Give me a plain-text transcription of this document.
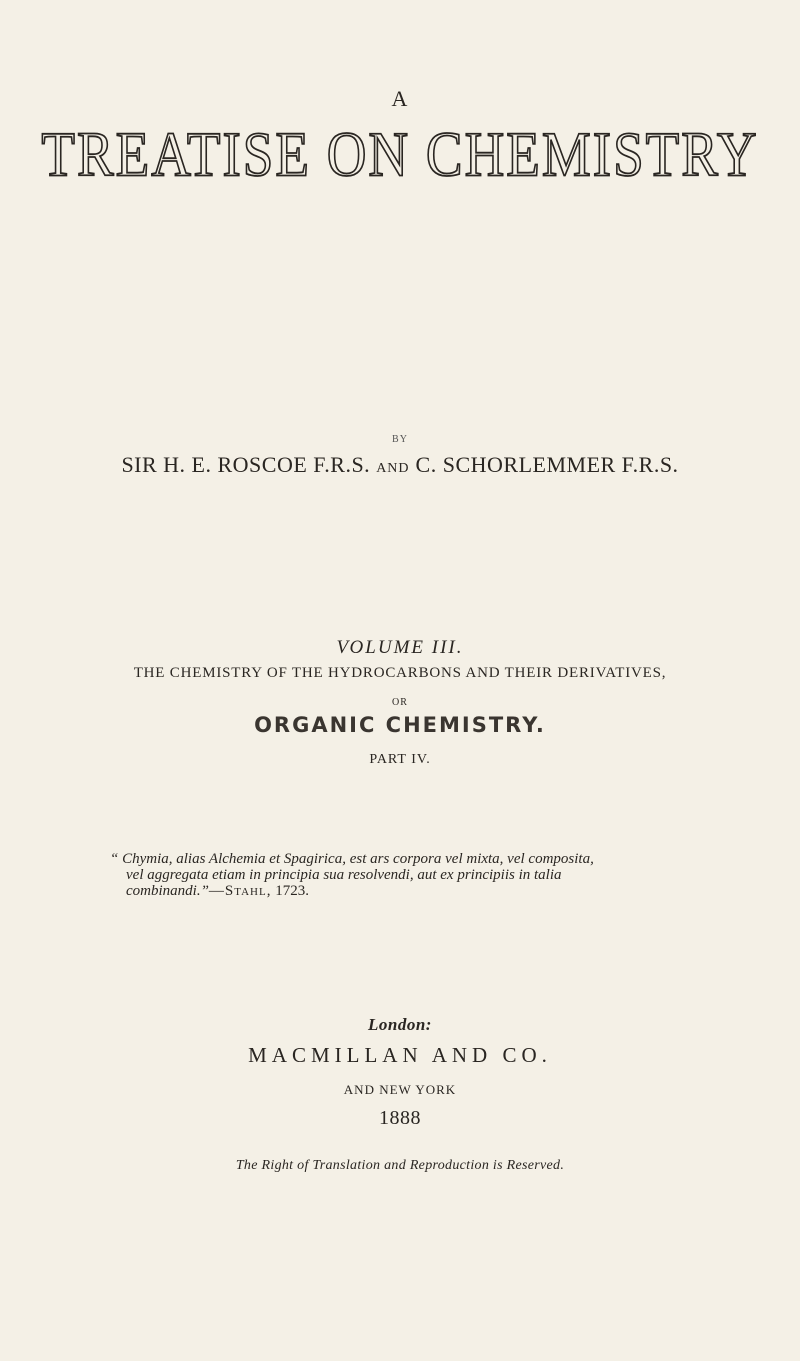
A
TREATISE ON CHEMISTRY
BY
SIR H. E. ROSCOE F.R.S. AND C. SCHORLEMMER F.R.S.
VOLUME III.
THE CHEMISTRY OF THE HYDROCARBONS AND THEIR DERIVATIVES,
OR
ORGANIC CHEMISTRY.
PART IV.
“ Chymia, alias Alchemia et Spagirica, est ars corpora vel mixta, vel composita,
vel aggregata etiam in principia sua resolvendi, aut ex principiis in talia
combinandi.”—Stahl, 1723.
London:
MACMILLAN AND CO.
AND NEW YORK
1888
The Right of Translation and Reproduction is Reserved.
